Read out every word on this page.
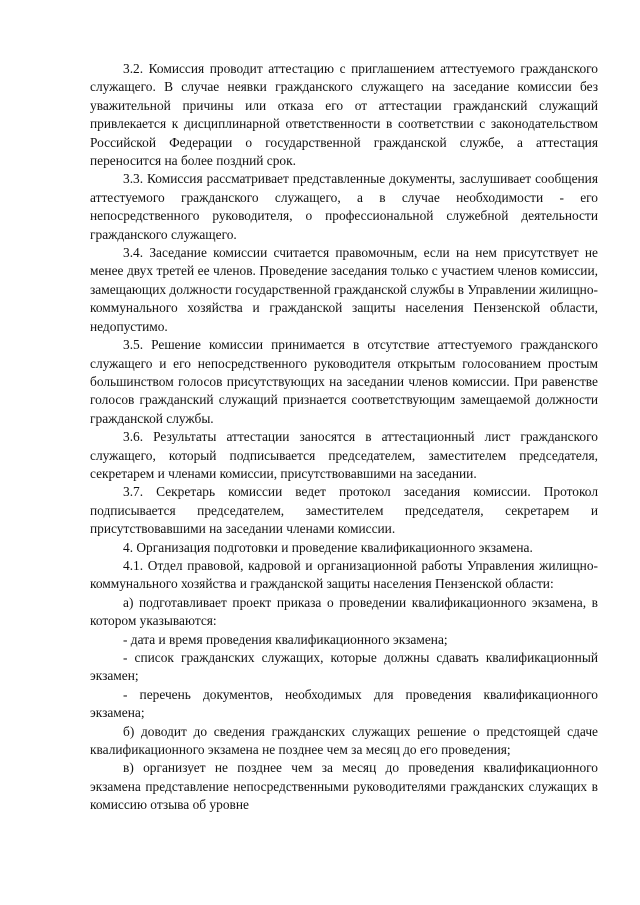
3.2. Комиссия проводит аттестацию с приглашением аттестуемого гражданского служащего. В случае неявки гражданского служащего на заседание комиссии без уважительной причины или отказа его от аттестации гражданский служащий привлекается к дисциплинарной ответственности в соответствии с законодательством Российской Федерации о государственной гражданской службе, а аттестация переносится на более поздний срок.

3.3. Комиссия рассматривает представленные документы, заслушивает сообщения аттестуемого гражданского служащего, а в случае необходимости - его непосредственного руководителя, о профессиональной служебной деятельности гражданского служащего.

3.4. Заседание комиссии считается правомочным, если на нем присутствует не менее двух третей ее членов. Проведение заседания только с участием членов комиссии, замещающих должности государственной гражданской службы в Управлении жилищно-коммунального хозяйства и гражданской защиты населения Пензенской области, недопустимо.

3.5. Решение комиссии принимается в отсутствие аттестуемого гражданского служащего и его непосредственного руководителя открытым голосованием простым большинством голосов присутствующих на заседании членов комиссии. При равенстве голосов гражданский служащий признается соответствующим замещаемой должности гражданской службы.

3.6. Результаты аттестации заносятся в аттестационный лист гражданского служащего, который подписывается председателем, заместителем председателя, секретарем и членами комиссии, присутствовавшими на заседании.

3.7. Секретарь комиссии ведет протокол заседания комиссии. Протокол подписывается председателем, заместителем председателя, секретарем и присутствовавшими на заседании членами комиссии.

4. Организация подготовки и проведение квалификационного экзамена.

4.1. Отдел правовой, кадровой и организационной работы Управления жилищно-коммунального хозяйства и гражданской защиты населения Пензенской области:

а) подготавливает проект приказа о проведении квалификационного экзамена, в котором указываются:

- дата и время проведения квалификационного экзамена;

- список гражданских служащих, которые должны сдавать квалификационный экзамен;

- перечень документов, необходимых для проведения квалификационного экзамена;

б) доводит до сведения гражданских служащих решение о предстоящей сдаче квалификационного экзамена не позднее чем за месяц до его проведения;

в) организует не позднее чем за месяц до проведения квалификационного экзамена представление непосредственными руководителями гражданских служащих в комиссию отзыва об уровне
